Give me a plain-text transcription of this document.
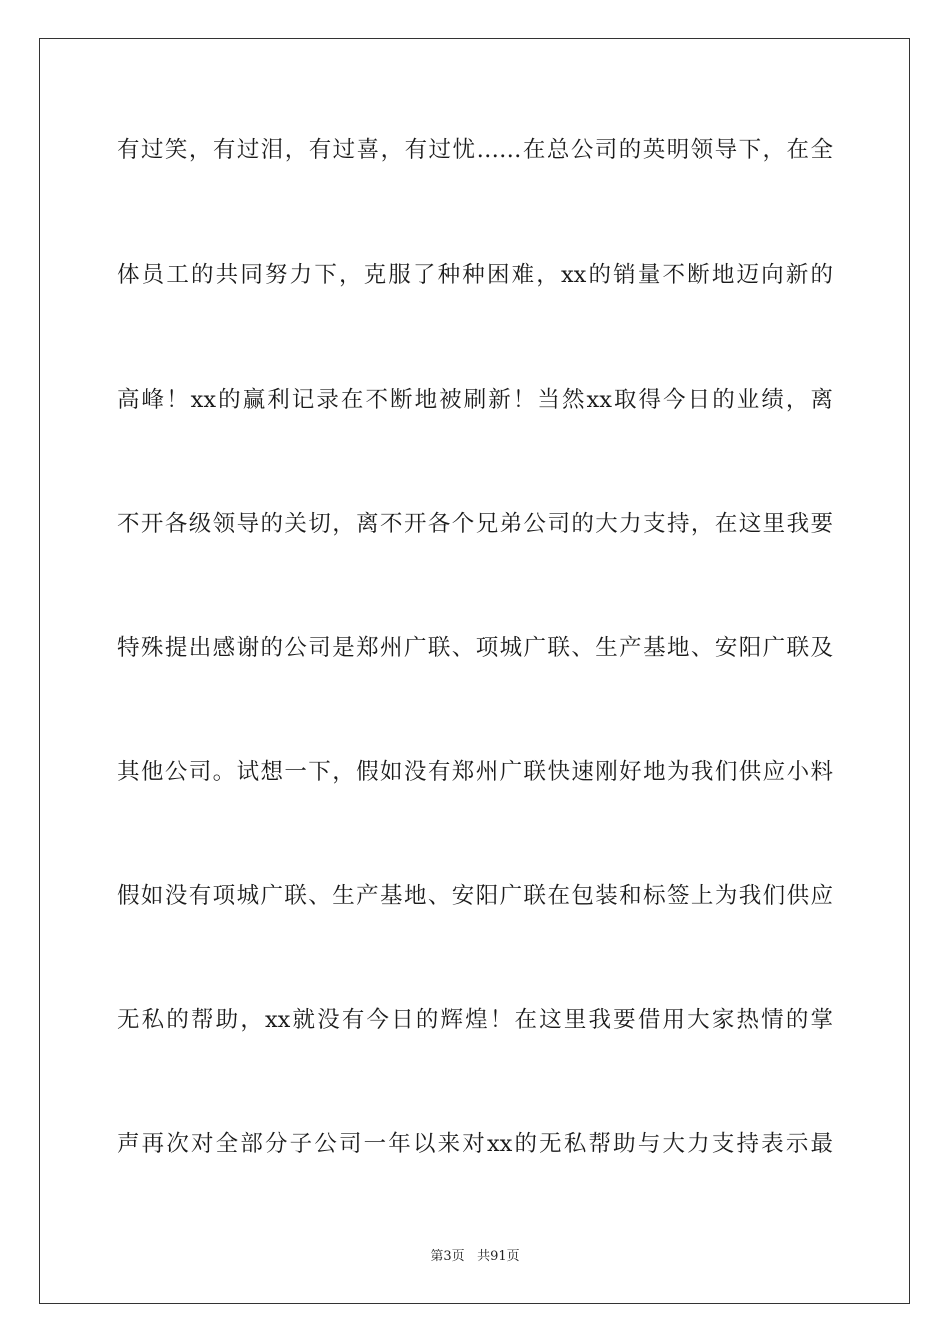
有过笑，有过泪，有过喜，有过忧……在总公司的英明领导下，在全
体员工的共同努力下，克服了种种困难，xx的销量不断地迈向新的
高峰！xx的赢利记录在不断地被刷新！当然xx取得今日的业绩，离
不开各级领导的关切，离不开各个兄弟公司的大力支持，在这里我要
特殊提出感谢的公司是郑州广联、项城广联、生产基地、安阳广联及
其他公司。试想一下，假如没有郑州广联快速刚好地为我们供应小料
假如没有项城广联、生产基地、安阳广联在包装和标签上为我们供应
无私的帮助，xx就没有今日的辉煌！在这里我要借用大家热情的掌
声再次对全部分子公司一年以来对xx的无私帮助与大力支持表示最
第3页 共91页
